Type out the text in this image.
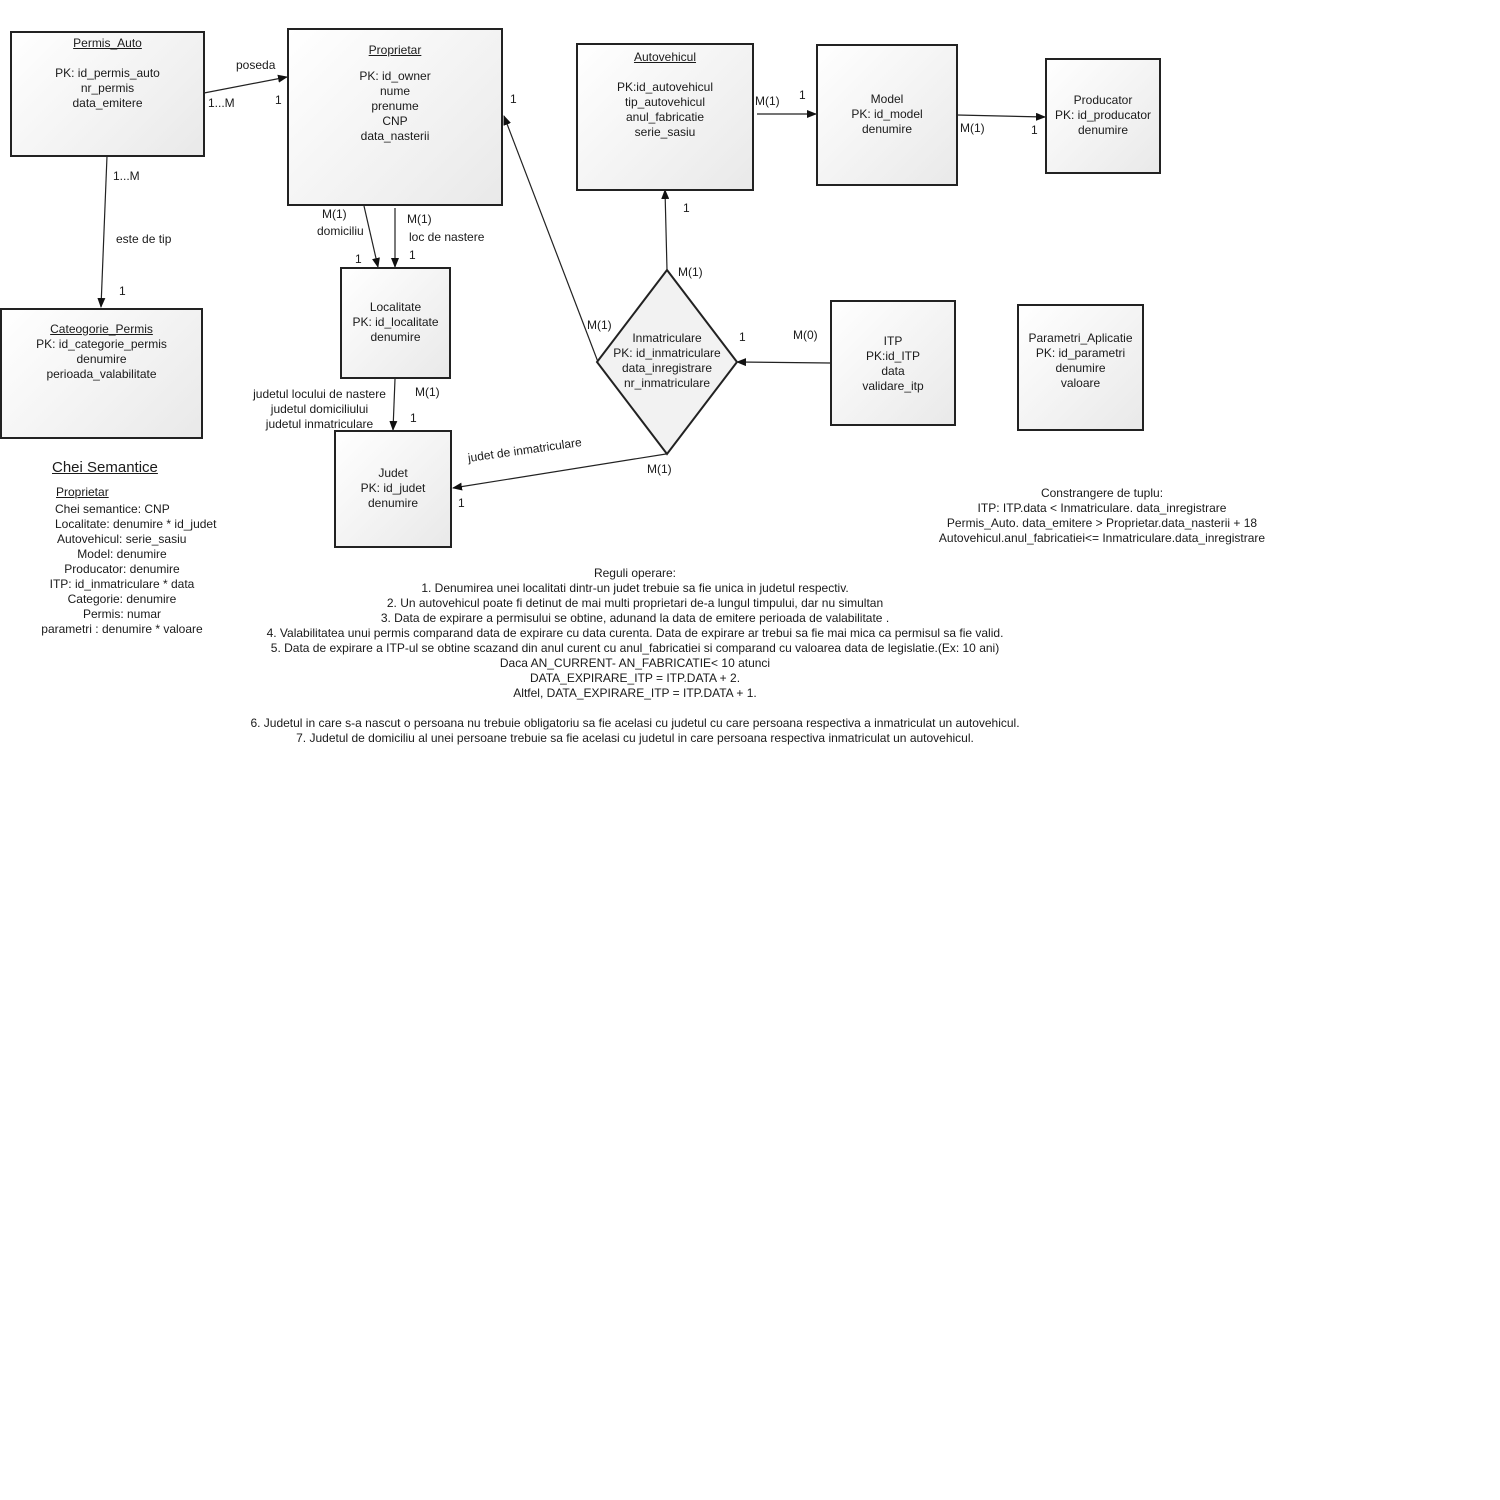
Permis_Auto
PK: id_permis_auto
nr_permis
data_emitere
Proprietar
PK: id_owner
nume
prenume
CNP
data_nasterii
Autovehicul
PK:id_autovehicul
tip_autovehicul
anul_fabricatie
serie_sasiu
Model
PK: id_model
denumire
Producator
PK: id_producator
denumire
Cateogorie_Permis
PK: id_categorie_permis
denumire
perioada_valabilitate
Localitate
PK: id_localitate
denumire
Judet
PK: id_judet
denumire
Inmatriculare
PK: id_inmatriculare
data_inregistrare
nr_inmatriculare
ITP
PK:id_ITP
data
validare_itp
Parametri_Aplicatie
PK: id_parametri
denumire
valoare
poseda
1...M	1
1...M
este de tip
1
M(1)
domiciliu
M(1)
loc de nastere
1	1
judetul locului de nastere
judetul domiciliului
judetul inmatriculare
M(1)
1
judet de inmatriculare
M(1)
1
1
M(1)
M(1)
1
M(0)
1
M(1) 1
M(1)	1
Chei Semantice
Proprietar
Chei semantice: CNP
Localitate: denumire * id_judet
Autovehicul: serie_sasiu
Model: denumire
Producator: denumire
ITP: id_inmatriculare * data
Categorie: denumire
Permis: numar
parametri : denumire * valoare
Constrangere de tuplu:
ITP: ITP.data < Inmatriculare. data_inregistrare
Permis_Auto. data_emitere > Proprietar.data_nasterii + 18
Autovehicul.anul_fabricatiei<= Inmatriculare.data_inregistrare
Reguli operare:
1. Denumirea unei localitati dintr-un judet trebuie sa fie unica in judetul respectiv.
2. Un autovehicul poate fi detinut de mai multi proprietari de-a lungul timpului, dar nu simultan
3. Data de expirare a permisului se obtine, adunand la data de emitere perioada de valabilitate .
4. Valabilitatea unui permis comparand data de expirare cu data curenta. Data de expirare ar trebui sa fie mai mica ca permisul sa fie valid.
5. Data de expirare a ITP-ul se obtine scazand din anul curent cu anul_fabricatiei si comparand cu valoarea data de legislatie.(Ex: 10 ani)
Daca AN_CURRENT- AN_FABRICATIE< 10 atunci
DATA_EXPIRARE_ITP = ITP.DATA + 2.
Altfel, DATA_EXPIRARE_ITP = ITP.DATA + 1.
6. Judetul in care s-a nascut o persoana nu trebuie obligatoriu sa fie acelasi cu judetul cu care persoana respectiva a inmatriculat un autovehicul.
7. Judetul de domiciliu al unei persoane trebuie sa fie acelasi cu judetul in care persoana respectiva inmatriculat un autovehicul.
